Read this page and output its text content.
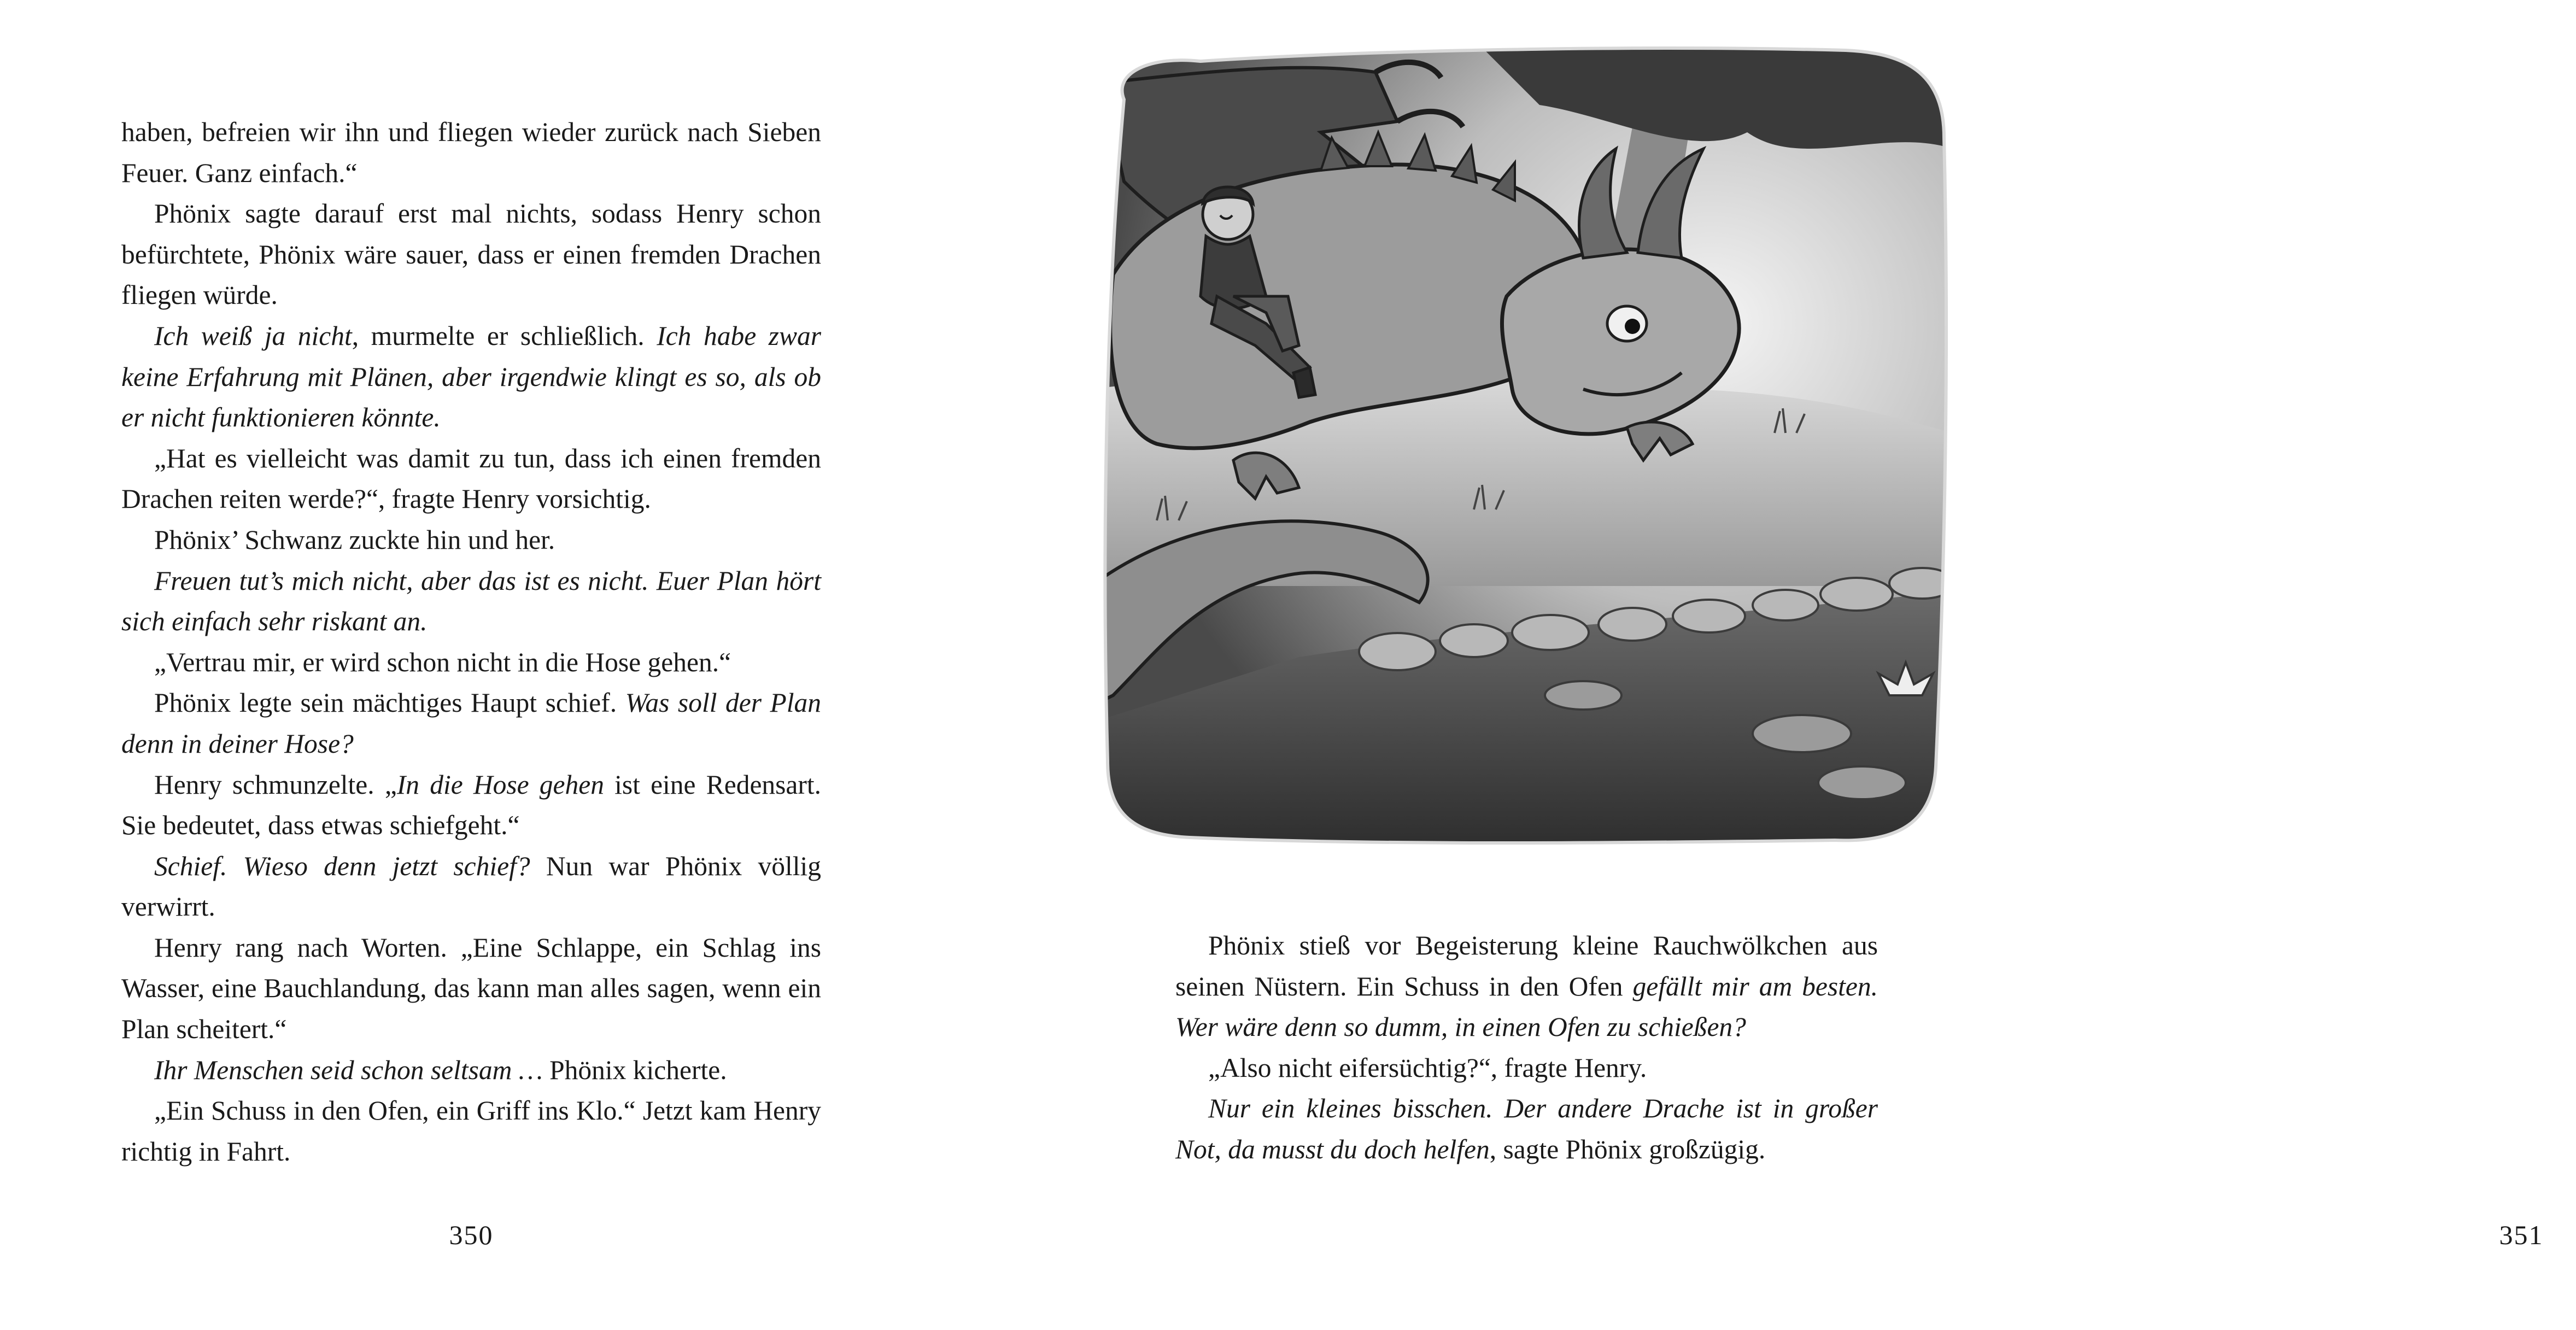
haben, befreien wir ihn und fliegen wieder zurück nach Sieben Feuer. Ganz einfach.“

Phönix sagte darauf erst mal nichts, sodass Henry schon befürchtete, Phönix wäre sauer, dass er einen fremden Drachen fliegen würde.

Ich weiß ja nicht, murmelte er schließlich. Ich habe zwar keine Erfahrung mit Plänen, aber irgendwie klingt es so, als ob er nicht funktionieren könnte.

„Hat es vielleicht was damit zu tun, dass ich einen fremden Drachen reiten werde?“, fragte Henry vorsichtig.

Phönix’ Schwanz zuckte hin und her.

Freuen tut’s mich nicht, aber das ist es nicht. Euer Plan hört sich einfach sehr riskant an.

„Vertrau mir, er wird schon nicht in die Hose gehen.“

Phönix legte sein mächtiges Haupt schief. Was soll der Plan denn in deiner Hose?

Henry schmunzelte. „In die Hose gehen ist eine Redensart. Sie bedeutet, dass etwas schiefgeht.“

Schief. Wieso denn jetzt schief? Nun war Phönix völlig verwirrt.

Henry rang nach Worten. „Eine Schlappe, ein Schlag ins Wasser, eine Bauchlandung, das kann man alles sagen, wenn ein Plan scheitert.“

Ihr Menschen seid schon seltsam … Phönix kicherte.

„Ein Schuss in den Ofen, ein Griff ins Klo.“ Jetzt kam Henry richtig in Fahrt.

350	351

Phönix stieß vor Begeisterung kleine Rauchwölkchen aus seinen Nüstern. Ein Schuss in den Ofen gefällt mir am besten. Wer wäre denn so dumm, in einen Ofen zu schießen?

„Also nicht eifersüchtig?“, fragte Henry.

Nur ein kleines bisschen. Der andere Drache ist in großer Not, da musst du doch helfen, sagte Phönix großzügig.
